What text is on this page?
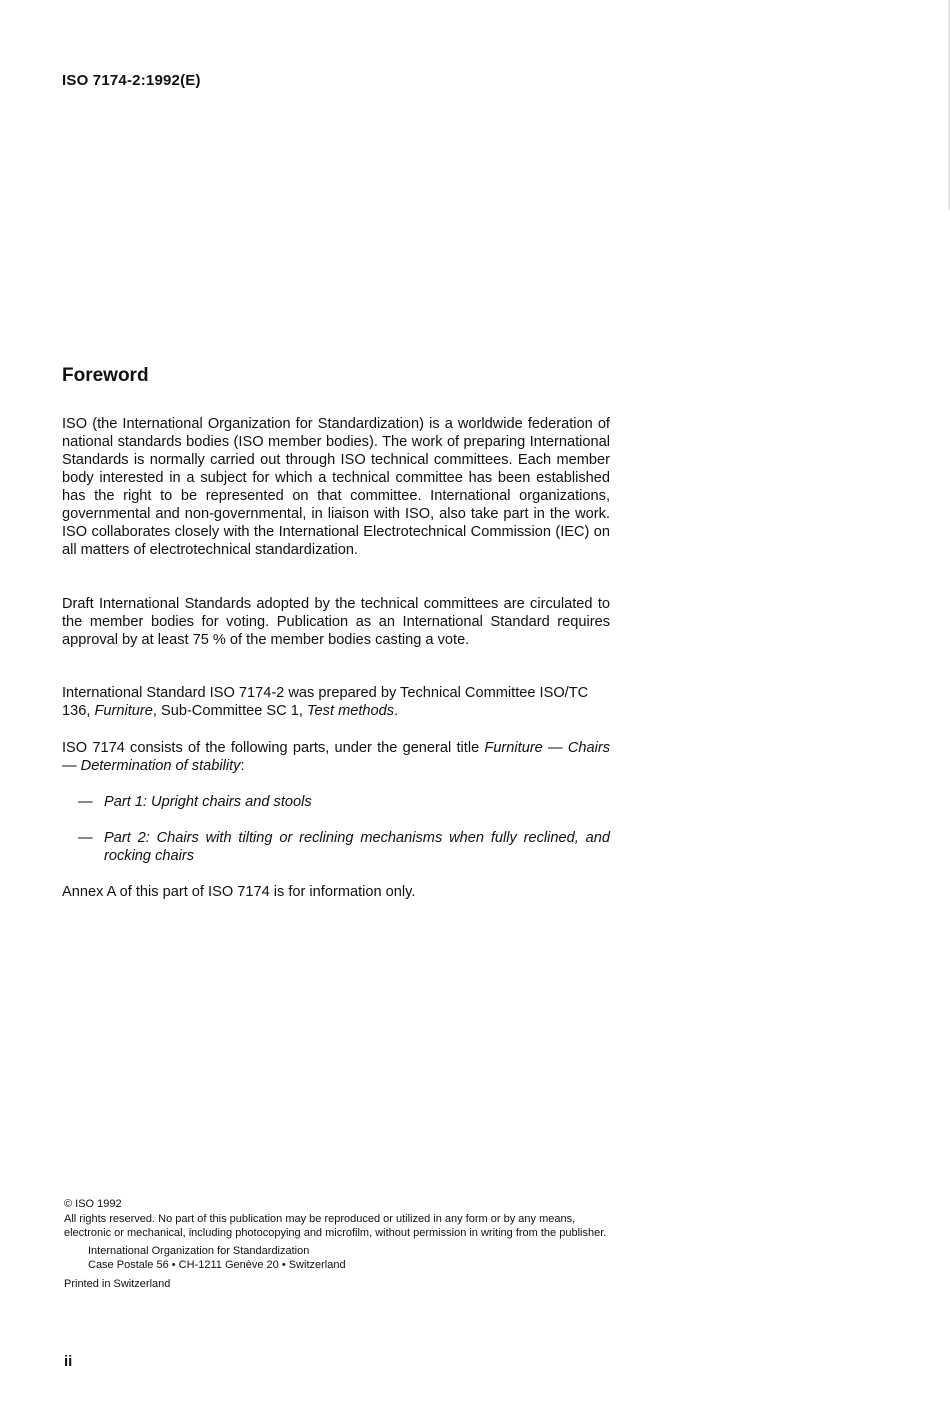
ISO 7174-2:1992(E)
Foreword

ISO (the International Organization for Standardization) is a worldwide federation of national standards bodies (ISO member bodies). The work of preparing International Standards is normally carried out through ISO technical committees. Each member body interested in a subject for which a technical committee has been established has the right to be represented on that committee. International organizations, governmental and non-governmental, in liaison with ISO, also take part in the work. ISO collaborates closely with the International Electrotechnical Commission (IEC) on all matters of electrotechnical standardization.

Draft International Standards adopted by the technical committees are circulated to the member bodies for voting. Publication as an International Standard requires approval by at least 75 % of the member bodies casting a vote.

International Standard ISO 7174-2 was prepared by Technical Committee ISO/TC 136, Furniture, Sub-Committee SC 1, Test methods.

ISO 7174 consists of the following parts, under the general title Furniture — Chairs — Determination of stability:

— Part 1: Upright chairs and stools
— Part 2: Chairs with tilting or reclining mechanisms when fully reclined, and rocking chairs

Annex A of this part of ISO 7174 is for information only.

© ISO 1992

All rights reserved. No part of this publication may be reproduced or utilized in any form or by any means, electronic or mechanical, including photocopying and microfilm, without permission in writing from the publisher.

International Organization for Standardization

Case Postale 56 • CH-1211 Genève 20 • Switzerland

Printed in Switzerland

ii
